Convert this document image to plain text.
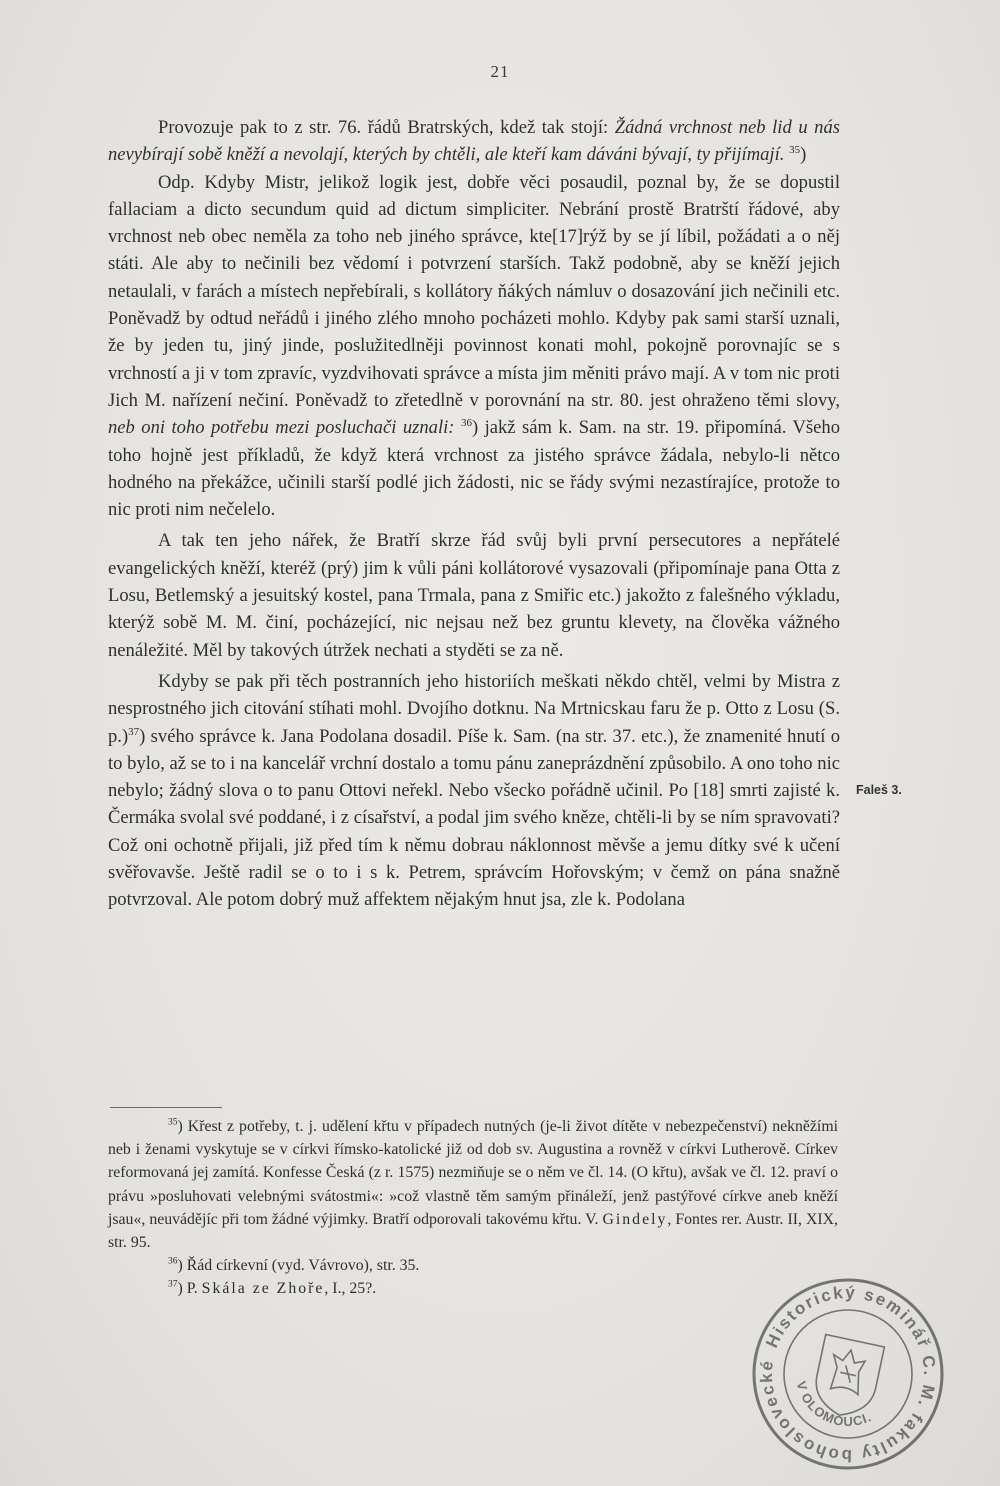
21

Provozuje pak to z str. 76. řádů Bratrských, kdež tak stojí: Žádná vrchnost neb lid u nás nevybírají sobě kněží a nevolají, kterých by chtěli, ale kteří kam dáváni bývají, ty přijímají. $^{35}$)

Odp. Kdyby Mistr, jelikož logik jest, dobře věci posaudil, poznal by, že se dopustil fallaciam a dicto secundum quid ad dictum simpliciter. Nebrání prostě Bratrští řádové, aby vrchnost neb obec neměla za toho neb jiného správce, kte[17]rýž by se jí líbil, požádati a o něj státi. Ale aby to nečinili bez vědomí i potvrzení starších. Takž podobně, aby se kněží jejich netaulali, v farách a místech nepřebírali, s kollátory ňákých námluv o dosazování jich nečinili etc. Poněvadž by odtud neřádů i jiného zlého mnoho pocházeti mohlo. Kdyby pak sami starší uznali, že by jeden tu, jiný jinde, poslužitedlněji povinnost konati mohl, pokojně porovnajíc se s vrchností a ji v tom zpravíc, vyzdvihovati správce a místa jim měniti právo mají. A v tom nic proti Jich M. nařízení nečiní. Poněvadž to zřetedlně v porovnání na str. 80. jest ohraženo těmi slovy, neb oni toho potřebu mezi posluchači uznali: $^{36}$) jakž sám k. Sam. na str. 19. připomíná. Všeho toho hojně jest příkladů, že když která vrchnost za jistého správce žádala, nebylo-li nětco hodného na překážce, učinili starší podlé jich žádosti, nic se řády svými nezastírajíce, protože to nic proti nim nečelelo.

A tak ten jeho nářek, že Bratří skrze řád svůj byli první persecutores a nepřátelé evangelických kněží, kteréž (prý) jim k vůli páni kollátorové vysazovali (připomínaje pana Otta z Losu, Betlemský a jesuitský kostel, pana Trmala, pana z Smiřic etc.) jakožto z falešného výkladu, kterýž sobě M. M. činí, pocházející, nic nejsau než bez gruntu klevety, na člověka vážného nenáležité. Měl by takových útržek nechati a styděti se za ně.

Kdyby se pak při těch postranních jeho historiích meškati někdo chtěl, velmi by Mistra z nesprostného jich citování stíhati mohl. Dvojího dotknu. Na Mrtnicskau faru že p. Otto z Losu (S. p.)$^{37}$) svého správce k. Jana Podolana dosadil. Píše k. Sam. (na str. 37. etc.), že znamenité hnutí o to bylo, až se to i na kancelář vrchní dostalo a tomu pánu zaneprázdnění způsobilo. A ono toho nic nebylo; žádný slova o to panu Ottovi neřekl. Nebo všecko pořádně učinil. Po [18] smrti zajisté k. Čermáka svolal své poddané, i z císařství, a podal jim svého kněze, chtěli-li by se ním spravovati? Což oni ochotně přijali, již před tím k němu dobrau náklonnost měvše a jemu dítky své k učení svěřovavše. Ještě radil se o to i s k. Petrem, správcím Hořovským; v čemž on pána snažně potvrzoval. Ale potom dobrý muž affektem nějakým hnut jsa, zle k. Podolana

Faleš 3.

$^{35}$) Křest z potřeby, t. j. udělení křtu v případech nutných (je-li život dítěte v nebezpečenství) nekněžími neb i ženami vyskytuje se v církvi římsko-katolické již od dob sv. Augustina a rovněž v církvi Lutherově. Církev reformovaná jej zamítá. Konfesse Česká (z r. 1575) nezmiňuje se o něm ve čl. 14. (O křtu), avšak ve čl. 12. praví o právu »posluhovati velebnými svátostmi«: »což vlastně těm samým přináleží, jenž pastýřové církve aneb kněží jsau«, neuvádějíc při tom žádné výjimky. Bratří odporovali takovému křtu. V. Gindely, Fontes rer. Austr. II, XIX, str. 95.

$^{36}$) Řád církevní (vyd. Vávrovo), str. 35.

$^{37}$) P. Skála ze Zhoře, I., 25?.

Historický seminář C. M. fakulty bohoslovecké
V OLOMOUCI.
